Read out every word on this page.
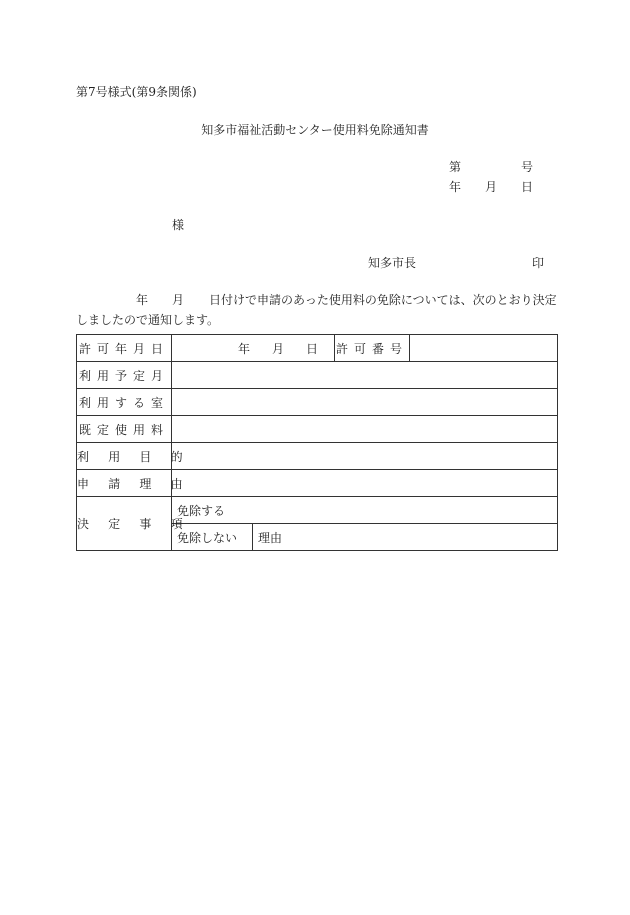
第7号様式(第9条関係)
知多市福祉活動センター使用料免除通知書
第	号
年 月 日
様
知多市長	印
年 月 日付けで申請のあった使用料の免除については、次のとおり決定
しましたので通知します。

許可年月日	年 月 日		許可番号	
利用予定月				
利用する室				
既定使用料				
利用目的				
申請理由				
決定事項	免除する			
	免除しない	理由		
